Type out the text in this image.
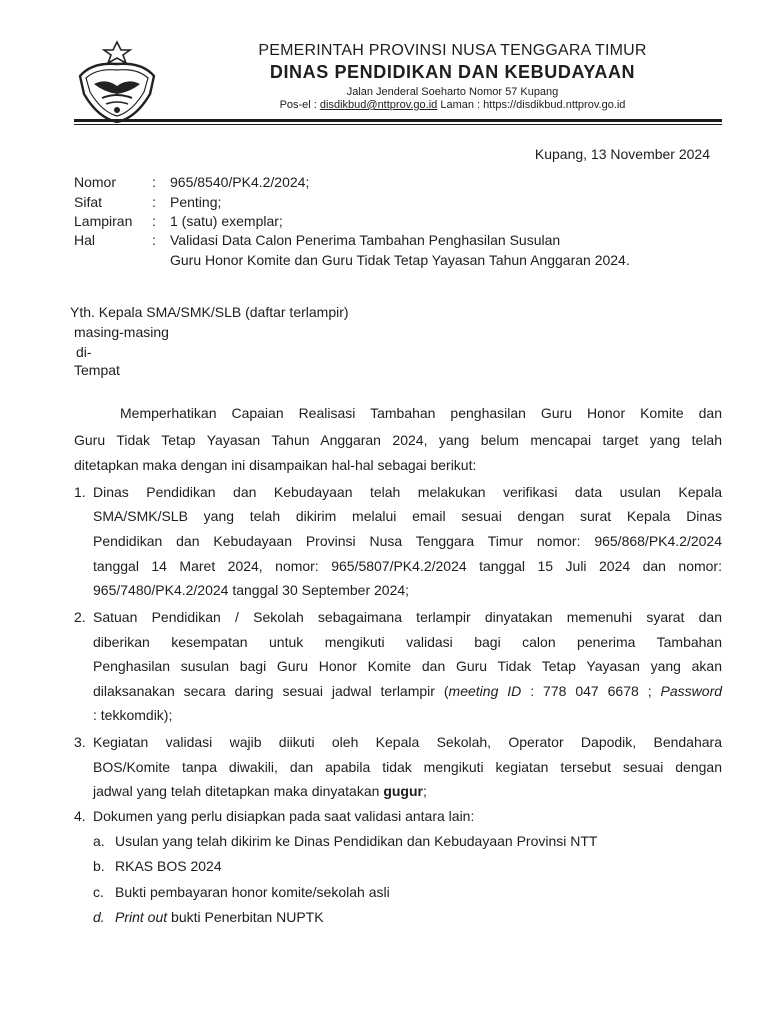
PEMERINTAH PROVINSI NUSA TENGGARA TIMUR
DINAS PENDIDIKAN DAN KEBUDAYAAN
Jalan Jenderal Soeharto Nomor 57 Kupang
Pos-el : disdikbud@nttprov.go.id Laman : https://disdikbud.nttprov.go.id
Kupang, 13 November 2024
Nomor	: 965/8540/PK4.2/2024;
Sifat	: Penting;
Lampiran : 1 (satu) exemplar;
Hal	: Validasi Data Calon Penerima Tambahan Penghasilan Susulan
Guru Honor Komite dan Guru Tidak Tetap Yayasan Tahun Anggaran 2024.
Yth. Kepala SMA/SMK/SLB (daftar terlampir)
masing-masing
di-
Tempat
Memperhatikan Capaian Realisasi Tambahan penghasilan Guru Honor Komite dan
Guru Tidak Tetap Yayasan Tahun Anggaran 2024, yang belum mencapai target yang telah
ditetapkan maka dengan ini disampaikan hal-hal sebagai berikut:
1. Dinas Pendidikan dan Kebudayaan telah melakukan verifikasi data usulan Kepala
SMA/SMK/SLB yang telah dikirim melalui email sesuai dengan surat Kepala Dinas
Pendidikan dan Kebudayaan Provinsi Nusa Tenggara Timur nomor: 965/868/PK4.2/2024
tanggal 14 Maret 2024, nomor: 965/5807/PK4.2/2024 tanggal 15 Juli 2024 dan nomor:
965/7480/PK4.2/2024 tanggal 30 September 2024;
2. Satuan Pendidikan / Sekolah sebagaimana terlampir dinyatakan memenuhi syarat dan
diberikan kesempatan untuk mengikuti validasi bagi calon penerima Tambahan
Penghasilan susulan bagi Guru Honor Komite dan Guru Tidak Tetap Yayasan yang akan
dilaksanakan secara daring sesuai jadwal terlampir (meeting ID : 778 047 6678 ; Password
: tekkomdik);
3. Kegiatan validasi wajib diikuti oleh Kepala Sekolah, Operator Dapodik, Bendahara
BOS/Komite tanpa diwakili, dan apabila tidak mengikuti kegiatan tersebut sesuai dengan
jadwal yang telah ditetapkan maka dinyatakan gugur;
4. Dokumen yang perlu disiapkan pada saat validasi antara lain:
a. Usulan yang telah dikirim ke Dinas Pendidikan dan Kebudayaan Provinsi NTT
b. RKAS BOS 2024
c. Bukti pembayaran honor komite/sekolah asli
d. Print out bukti Penerbitan NUPTK
